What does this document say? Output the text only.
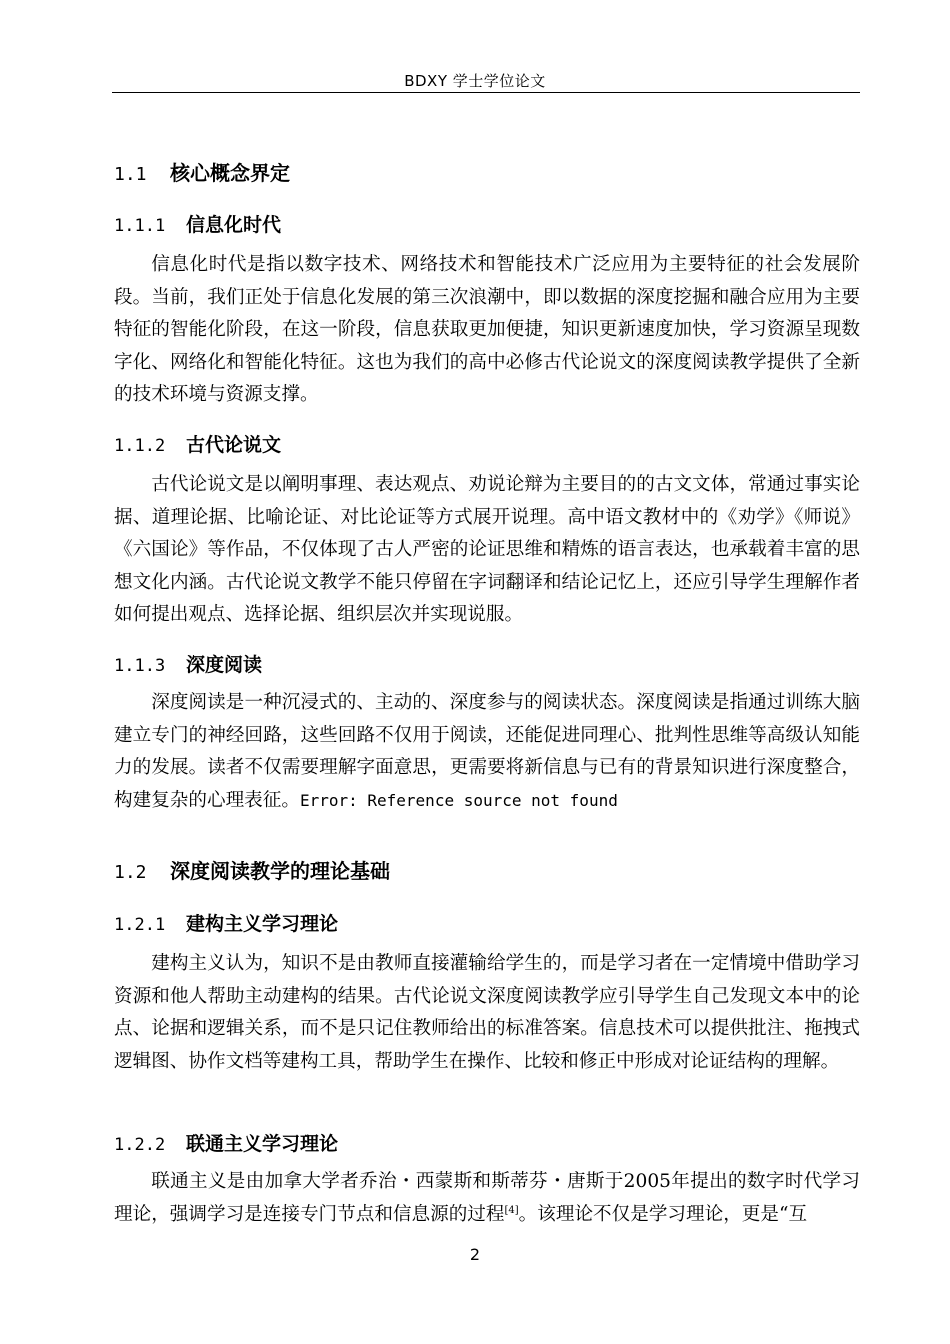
BDXY 学士学位论文
1.1 核心概念界定
1.1.1 信息化时代
信息化时代是指以数字技术、网络技术和智能技术广泛应用为主要特征的社会发展阶段。当前，我们正处于信息化发展的第三次浪潮中，即以数据的深度挖掘和融合应用为主要特征的智能化阶段，在这一阶段，信息获取更加便捷，知识更新速度加快，学习资源呈现数字化、网络化和智能化特征。这也为我们的高中必修古代论说文的深度阅读教学提供了全新的技术环境与资源支撑。
1.1.2 古代论说文
古代论说文是以阐明事理、表达观点、劝说论辩为主要目的的古文文体，常通过事实论据、道理论据、比喻论证、对比论证等方式展开说理。高中语文教材中的《劝学》《师说》《六国论》等作品，不仅体现了古人严密的论证思维和精炼的语言表达，也承载着丰富的思想文化内涵。古代论说文教学不能只停留在字词翻译和结论记忆上，还应引导学生理解作者如何提出观点、选择论据、组织层次并实现说服。
1.1.3 深度阅读
深度阅读是一种沉浸式的、主动的、深度参与的阅读状态。深度阅读是指通过训练大脑建立专门的神经回路，这些回路不仅用于阅读，还能促进同理心、批判性思维等高级认知能力的发展。读者不仅需要理解字面意思，更需要将新信息与已有的背景知识进行深度整合，构建复杂的心理表征。Error: Reference source not found
1.2 深度阅读教学的理论基础
1.2.1 建构主义学习理论
建构主义认为，知识不是由教师直接灌输给学生的，而是学习者在一定情境中借助学习资源和他人帮助主动建构的结果。古代论说文深度阅读教学应引导学生自己发现文本中的论点、论据和逻辑关系，而不是只记住教师给出的标准答案。信息技术可以提供批注、拖拽式逻辑图、协作文档等建构工具，帮助学生在操作、比较和修正中形成对论证结构的理解。
1.2.2 联通主义学习理论
联通主义是由加拿大学者乔治・西蒙斯和斯蒂芬・唐斯于2005年提出的数字时代学习理论，强调学习是连接专门节点和信息源的过程[4]。该理论不仅是学习理论，更是“互
2
